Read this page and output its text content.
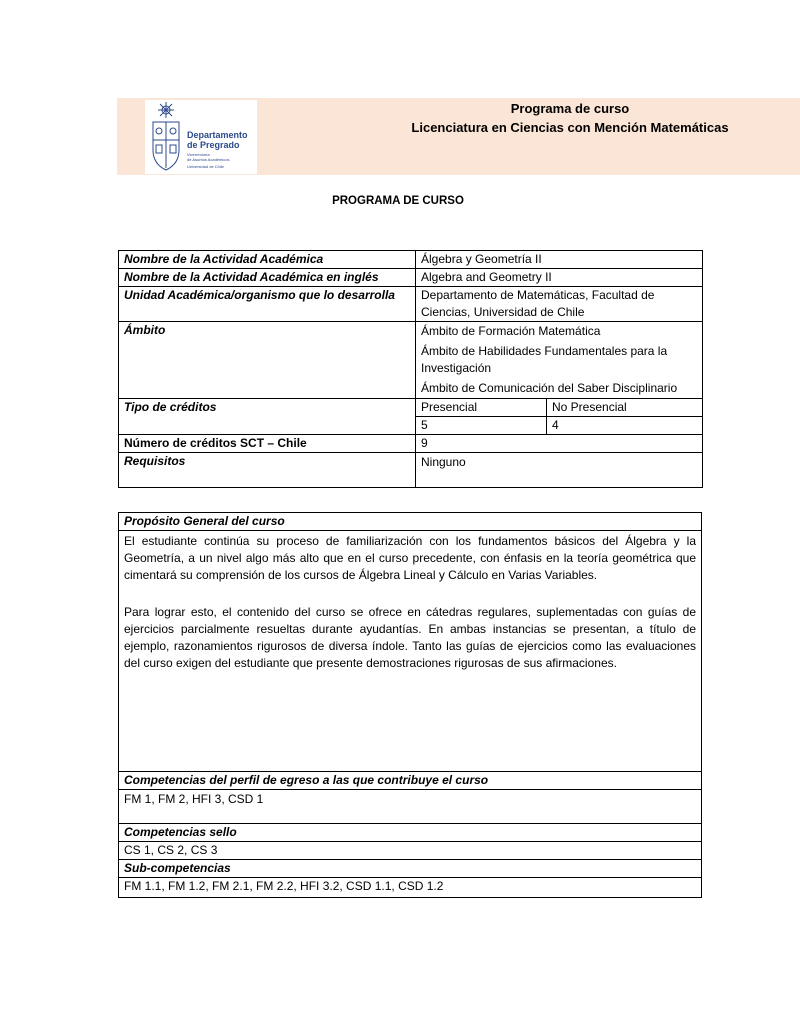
Departamento
de Pregrado
Vicerrectoría
de Asuntos Académicos
Universidad de Chile
Programa de curso
Licenciatura en Ciencias con Mención Matemáticas
PROGRAMA DE CURSO
Nombre de la Actividad Académica	Álgebra y Geometría II	
Nombre de la Actividad Académica en inglés	Algebra and Geometry II	
Unidad Académica/organismo que lo desarrolla	Departamento de Matemáticas, Facultad de Ciencias, Universidad de Chile	
Ámbito	Ámbito de Formación Matemática

Ámbito de Habilidades Fundamentales para la Investigación

Ámbito de Comunicación del Saber Disciplinario	

Tipo de créditos	Presencial	No Presencial
	5	4
Número de créditos SCT – Chile	9	
Requisitos	Ninguno	
Propósito General del curso

El estudiante continúa su proceso de familiarización con los fundamentos básicos del Álgebra y la Geometría, a un nivel algo más alto que en el curso precedente, con énfasis en la teoría geométrica que cimentará su comprensión de los cursos de Álgebra Lineal y Cálculo en Varias Variables.

Para lograr esto, el contenido del curso se ofrece en cátedras regulares, suplementadas con guías de ejercicios parcialmente resueltas durante ayudantías. En ambas instancias se presentan, a título de ejemplo, razonamientos rigurosos de diversa índole. Tanto las guías de ejercicios como las evaluaciones del curso exigen del estudiante que presente demostraciones rigurosas de sus afirmaciones.

Competencias del perfil de egreso a las que contribuye el curso
FM 1, FM 2, HFI 3, CSD 1
Competencias sello
CS 1, CS 2, CS 3
Sub-competencias
FM 1.1, FM 1.2, FM 2.1, FM 2.2, HFI 3.2, CSD 1.1, CSD 1.2
